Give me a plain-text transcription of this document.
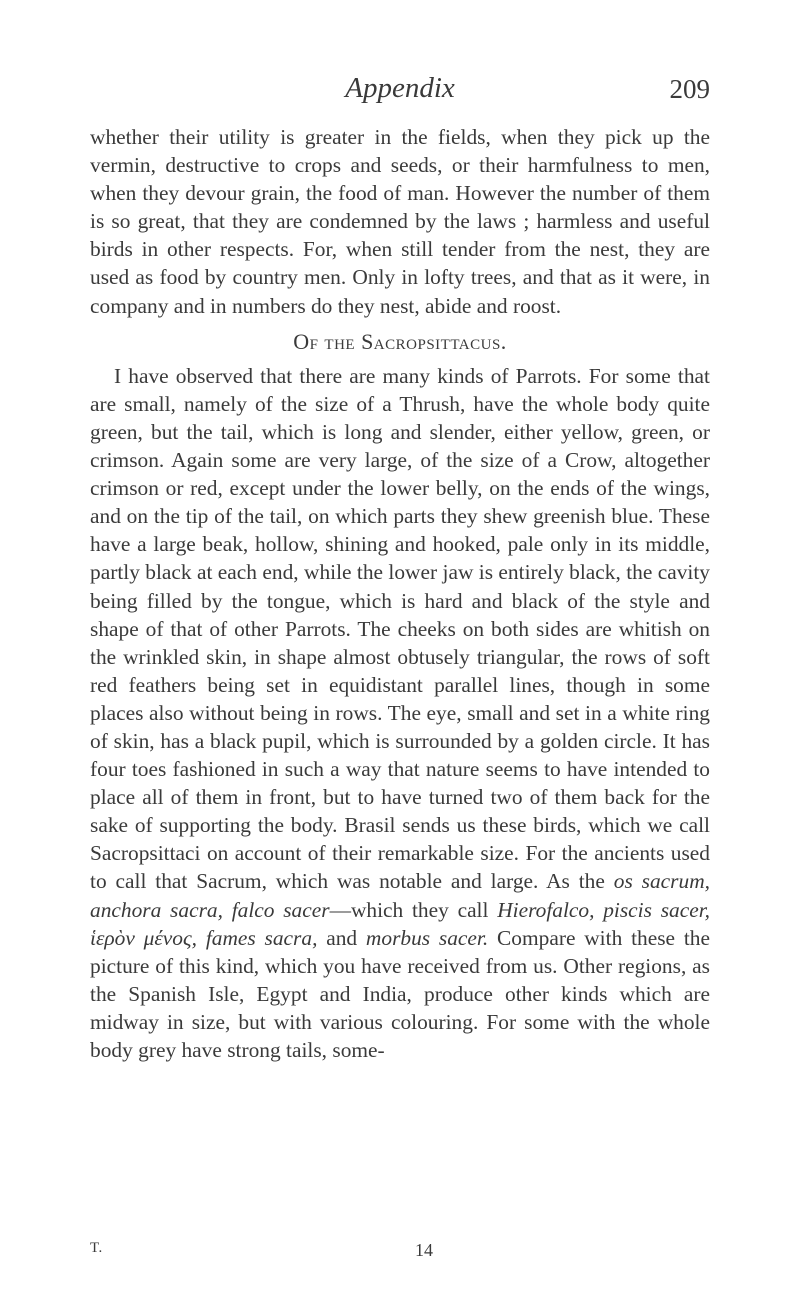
Appendix	209

whether their utility is greater in the fields, when they pick up the vermin, destructive to crops and seeds, or their harmfulness to men, when they devour grain, the food of man. However the number of them is so great, that they are condemned by the laws ; harmless and useful birds in other respects. For, when still tender from the nest, they are used as food by country men. Only in lofty trees, and that as it were, in company and in numbers do they nest, abide and roost.

Of the Sacropsittacus.

I have observed that there are many kinds of Parrots. For some that are small, namely of the size of a Thrush, have the whole body quite green, but the tail, which is long and slender, either yellow, green, or crimson. Again some are very large, of the size of a Crow, altogether crimson or red, except under the lower belly, on the ends of the wings, and on the tip of the tail, on which parts they shew greenish blue. These have a large beak, hollow, shining and hooked, pale only in its middle, partly black at each end, while the lower jaw is entirely black, the cavity being filled by the tongue, which is hard and black of the style and shape of that of other Parrots. The cheeks on both sides are whitish on the wrinkled skin, in shape almost obtusely triangular, the rows of soft red feathers being set in equidistant parallel lines, though in some places also without being in rows. The eye, small and set in a white ring of skin, has a black pupil, which is surrounded by a golden circle. It has four toes fashioned in such a way that nature seems to have intended to place all of them in front, but to have turned two of them back for the sake of supporting the body. Brasil sends us these birds, which we call Sacropsittaci on account of their remarkable size. For the ancients used to call that Sacrum, which was notable and large. As the os sacrum, anchora sacra, falco sacer—which they call Hierofalco, piscis sacer, ἱερὸν μένος, fames sacra, and morbus sacer. Compare with these the picture of this kind, which you have received from us. Other regions, as the Spanish Isle, Egypt and India, produce other kinds which are midway in size, but with various colouring. For some with the whole body grey have strong tails, some-

T.	14
